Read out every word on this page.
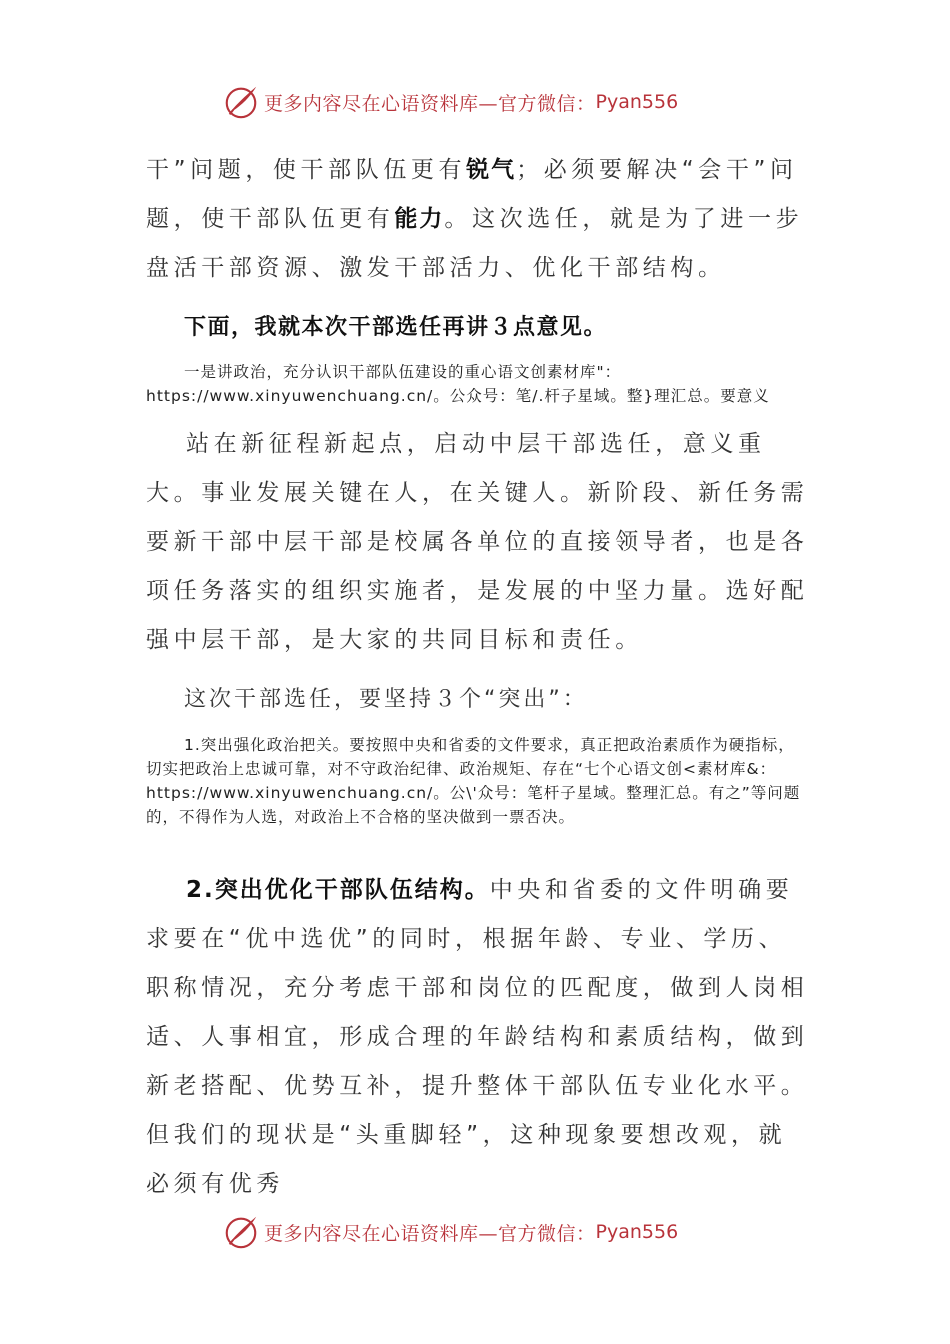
更多内容尽在心语资料库—官方微信： Pyan556

干”问题，使干部队伍更有锐气；必须要解决“会干”问题，使干部队伍更有能力。这次选任，就是为了进一步盘活干部资源、激发干部活力、优化干部结构。

下面，我就本次干部选任再讲３点意见。

一是讲政治，充分认识干部队伍建设的重心语文创素材库"：https://www.xinyuwenchuang.cn/。公众号：笔/.杆子星域。整}理汇总。要意义

站在新征程新起点，启动中层干部选任，意义重大。事业发展关键在人，在关键人。新阶段、新任务需要新干部中层干部是校属各单位的直接领导者，也是各项任务落实的组织实施者，是发展的中坚力量。选好配强中层干部，是大家的共同目标和责任。

这次干部选任，要坚持３个“突出”：

1.突出强化政治把关。要按照中央和省委的文件要求，真正把政治素质作为硬指标，切实把政治上忠诚可靠，对不守政治纪律、政治规矩、存在“七个心语文创<素材库&：https://www.xinyuwenchuang.cn/。公\'众号：笔杆子星域。整理汇总。有之”等问题的，不得作为人选，对政治上不合格的坚决做到一票否决。

2.突出优化干部队伍结构。中央和省委的文件明确要求要在“优中选优”的同时，根据年龄、专业、学历、职称情况，充分考虑干部和岗位的匹配度，做到人岗相适、人事相宜，形成合理的年龄结构和素质结构，做到新老搭配、优势互补，提升整体干部队伍专业化水平。但我们的现状是“头重脚轻”，这种现象要想改观，就必须有优秀

更多内容尽在心语资料库—官方微信： Pyan556
